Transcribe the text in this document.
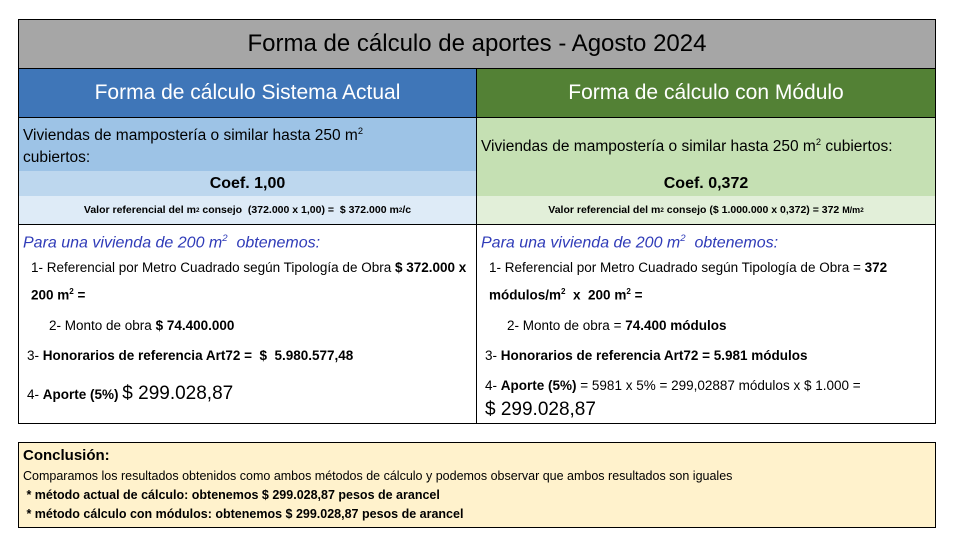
Forma de cálculo de aportes - Agosto 2024
Forma de cálculo Sistema Actual
Viviendas de mampostería o similar hasta 250 $m^2$
cubiertos:
Coef. 1,00
Valor referencial del m 2 consejo  (372.000 x 1,00) =  $ 372.000 m 2 /c
Para una vivienda de 200 $m^2$  obtenemos:
1- Referencial por Metro Cuadrado según Tipología de Obra $ 372.000 x 200 $m^2$ =
2- Monto de obra $ 74.400.000
3- Honorarios de referencia Art72 =  $  5.980.577,48
4- Aporte (5%) $ 299.028,87
Forma de cálculo con Módulo
Viviendas de mampostería o similar hasta 250 $m^2$ cubiertos:
Coef. 0,372
Valor referencial del m 2 consejo ($ 1.000.000 x 0,372) = 372 M/m 2
Para una vivienda de 200 $m^2$  obtenemos:
1- Referencial por Metro Cuadrado según Tipología de Obra = 372 módulos/$m^2$  x  200 $m^2$ =
2- Monto de obra = 74.400 módulos
3- Honorarios de referencia Art72 = 5.981 módulos
4- Aporte (5%) = 5981 x 5% = 299,02887 módulos x $ 1.000 =
$ 299.028,87
Conclusión:
Comparamos los resultados obtenidos como ambos métodos de cálculo y podemos observar que ambos resultados son iguales
* método actual de cálculo: obtenemos $ 299.028,87 pesos de arancel
* método cálculo con módulos: obtenemos $ 299.028,87 pesos de arancel
